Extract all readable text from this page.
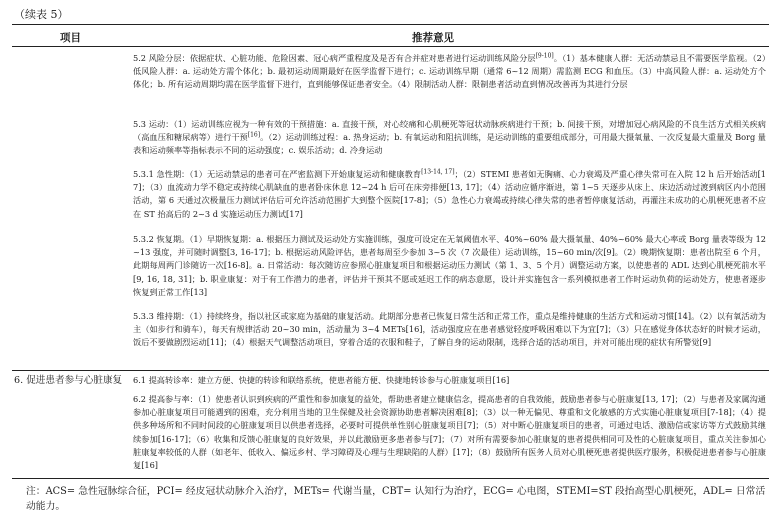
（续表 5）
项目	推荐意见
5.2 风险分层：依据症状、心脏功能、危险因素、冠心病严重程度及是否有合并症对患者进行运动训练风险分层[9-10]。（1）基本健康人群：无活动禁忌且不需要医学监视。（2）低风险人群：a. 运动处方需个体化；b. 最初运动周期最好在医学监督下进行；c. 运动训练早期（通常 6~12 周期）需监测 ECG 和血压。（3）中高风险人群：a. 运动处方个体化；b. 所有运动周期均需在医学监督下进行，直到能够保证患者安全。（4）限制活动人群：限制患者活动直到情况改善再为其进行分层
5.3 运动：（1）运动训练应视为一种有效的干预措施：a. 直接干预，对心绞痛和心肌梗死等冠状动脉疾病进行干预；b. 间接干预，对增加冠心病风险的不良生活方式相关疾病（高血压和糖尿病等）进行干预[16]。（2）运动训练过程：a. 热身运动；b. 有氧运动和阻抗训练，是运动训练的重要组成部分，可用最大摄氧量、一次反复最大重量及 Borg 量表和运动频率等指标表示不同的运动强度；c. 娱乐活动；d. 冷身运动
5.3.1 急性期：（1）无运动禁忌的患者可在严密监测下开始康复运动和健康教育[13-14, 17]；（2）STEMI 患者如无胸痛、心力衰竭及严重心律失常可在入院 12 h 后开始活动[17]；（3）血流动力学不稳定或持续心肌缺血的患者卧床休息 12~24 h 后可在床旁排便[13, 17]；（4）活动应循序渐进，第 1~5 天逐步从床上、床边活动过渡到病区内小范围活动，第 6 天通过次极量压力测试评估后可允许活动范围扩大到整个医院[17-8]；（5）急性心力衰竭或持续心律失常的患者暂停康复活动，再灌注未成功的心肌梗死患者不应在 ST 抬高后的 2~3 d 实施运动压力测试[17]
5.3.2 恢复期。（1）早期恢复期：a. 根据压力测试及运动处方实施训练，强度可设定在无氧阈值水平、40%~60% 最大摄氧量、40%~60% 最大心率或 Borg 量表等级为 12~13 强度，并可随时调整[3, 16-17]；b. 根据运动风险评估，患者每周至少参加 3~5 次（7 次最佳）运动训练，15~60 min/次[9]。（2）晚期恢复期：患者出院至 6 个月，此期每周两门诊随访一次[16-8]。a. 日常活动：每次随访应参照心脏康复项目和根据运动压力测试（第 1、3、5 个月）调整运动方案，以使患者的 ADL 达到心肌梗死前水平[9, 16, 18, 31]；b. 职业康复：对于有工作潜力的患者，评估并干预其不愿或延迟工作的病态意愿，设计并实施包含一系列模拟患者工作时运动负荷的运动处方，使患者逐步恢复到正常工作[13]
5.3.3 维持期：（1）持续终身，指以社区或家庭为基础的康复活动。此期部分患者已恢复日常生活和正常工作，重点是维持健康的生活方式和运动习惯[14]。（2）以有氧活动为主（如步行和骑车），每天有规律活动 20~30 min，活动量为 3~4 METs[16]，活动强度应在患者感觉轻度呼吸困难以下为宜[7]；（3）只在感觉身体状态好的时候才运动，饭后不要做剧烈运动[11]；（4）根据天气调整活动项目，穿着合适的衣服和鞋子，了解自身的运动限制，选择合适的活动项目，并对可能出现的症状有所警觉[9]
6. 促进患者参与心脏康复	6.1 提高转诊率：建立方便、快捷的转诊和联络系统，使患者能方便、快捷地转诊参与心脏康复项目[16]
6.2 提高参与率：（1）使患者认识到疾病的严重性和参加康复的益处，帮助患者建立健康信念，提高患者的自我效能，鼓励患者参与心脏康复[13, 17]；（2）与患者及家属沟通参加心脏康复项目可能遇到的困难，充分利用当地的卫生保健及社会资源协助患者解决困难[8]；（3）以一种无偏见、尊重和文化敏感的方式实施心脏康复项目[7-18]；（4）提供多种场所和不同时间段的心脏康复项目以供患者选择，必要时可提供单性别心脏康复项目[7]；（5）对中断心脏康复项目的患者，可通过电话、激励信或家访等方式鼓励其继续参加[16-17]；（6）收集和反馈心脏康复的良好效果，并以此激励更多患者参与[7]；（7）对所有需要参加心脏康复的患者提供相同可及性的心脏康复项目，重点关注参加心脏康复率较低的人群（如老年、低收入、偏远乡村、学习障碍及心理与生理缺陷的人群）[17]；（8）鼓励所有医务人员对心肌梗死患者提供医疗服务，积极促进患者参与心脏康复[16]
注：ACS= 急性冠脉综合征，PCI= 经皮冠状动脉介入治疗，METs= 代谢当量，CBT= 认知行为治疗，ECG= 心电图，STEMI=ST 段抬高型心肌梗死，ADL= 日常活动能力。
